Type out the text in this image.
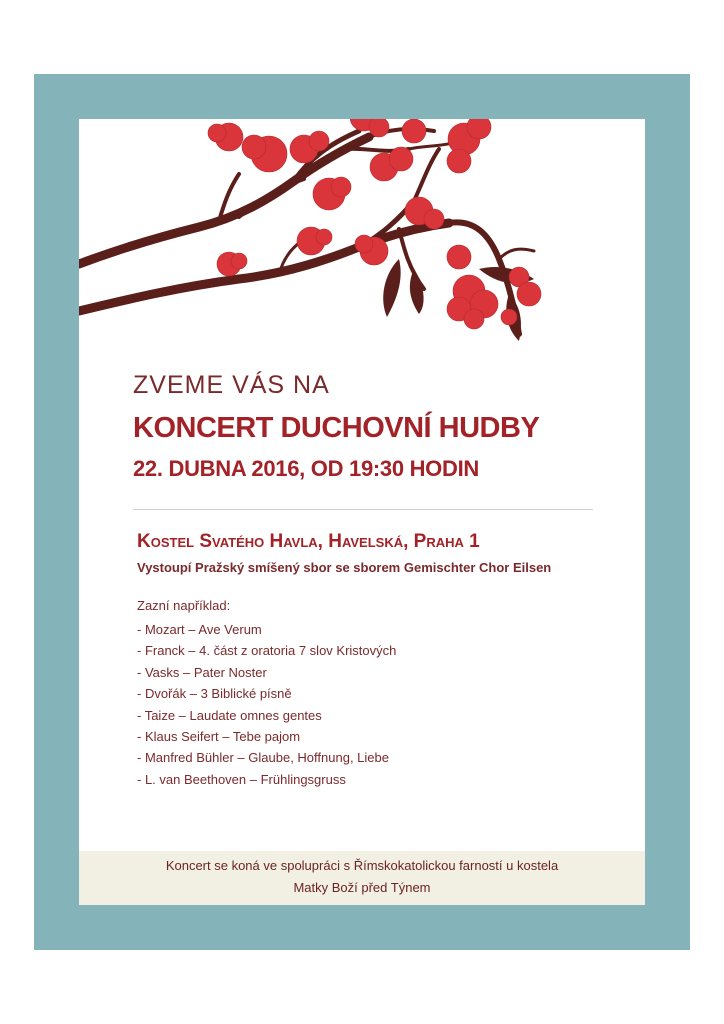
ZVEME VÁS NA
KONCERT DUCHOVNÍ HUDBY
22. DUBNA 2016, OD 19:30 HODIN
Kostel Svatého Havla, Havelská, Praha 1

Vystoupí Pražský smíšený sbor se sborem Gemischter Chor Eilsen

Zazní například:
- Mozart – Ave Verum
- Franck – 4. část z oratoria 7 slov Kristových
- Vasks – Pater Noster
- Dvořák – 3 Biblické písně
- Taize – Laudate omnes gentes
- Klaus Seifert – Tebe pajom
- Manfred Bühler – Glaube, Hoffnung, Liebe
- L. van Beethoven – Frühlingsgruss

Koncert se koná ve spolupráci s Římskokatolickou farností u kostela

Matky Boží před Týnem
